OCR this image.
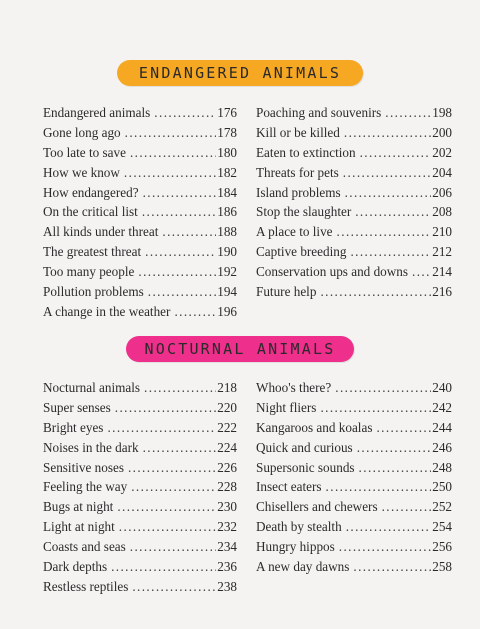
ENDANGERED ANIMALS
Endangered animals .....	176
Gone long ago .....	178
Too late to save .....	180
How we know .....	182
How endangered? .....	184
On the critical list .....	186
All kinds under threat .....	188
The greatest threat .....	190
Too many people .....	192
Pollution problems .....	194
A change in the weather .....	196
Poaching and souvenirs .....	198
Kill or be killed .....	200
Eaten to extinction .....	202
Threats for pets .....	204
Island problems .....	206
Stop the slaughter .....	208
A place to live .....	210
Captive breeding .....	212
Conservation ups and downs ..... 214
Future help .....	216
NOCTURNAL ANIMALS
Nocturnal animals .....	218
Super senses .....	220
Bright eyes .....	222
Noises in the dark .....	224
Sensitive noses .....	226
Feeling the way .....	228
Bugs at night .....	230
Light at night .....	232
Coasts and seas .....	234
Dark depths .....	236
Restless reptiles .....	238
Whoo's there? .....	240
Night fliers .....	242
Kangaroos and koalas .....	244
Quick and curious .....	246
Supersonic sounds .....	248
Insect eaters .....	250
Chisellers and chewers .....	252
Death by stealth .....	254
Hungry hippos .....	256
A new day dawns .....	258
